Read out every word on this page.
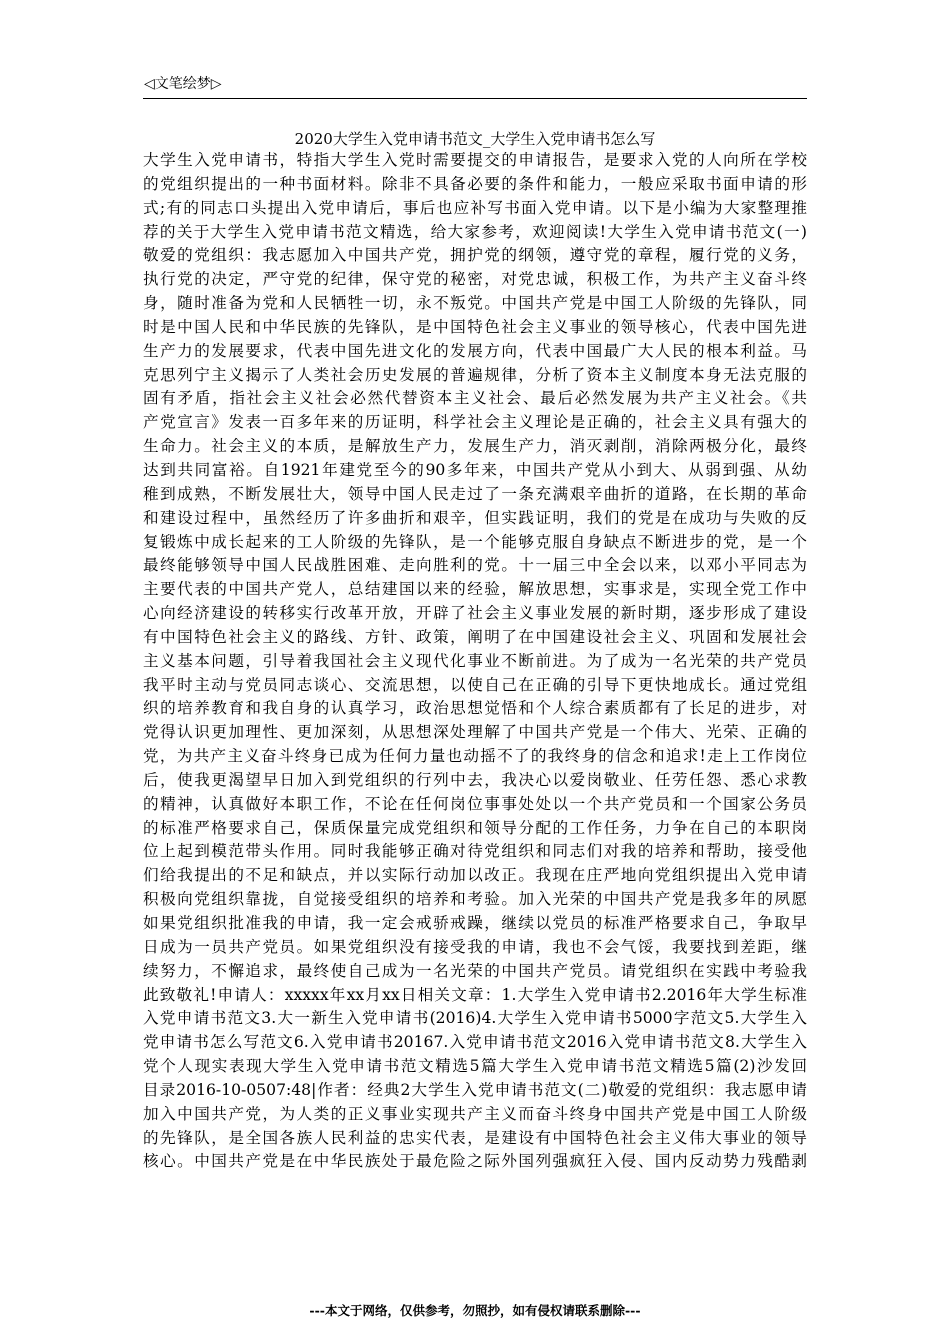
◁文笔绘梦▷
2020大学生入党申请书范文_大学生入党申请书怎么写
大学生入党申请书，特指大学生入党时需要提交的申请报告，是要求入党的人向所在学校
的党组织提出的一种书面材料。除非不具备必要的条件和能力，一般应采取书面申请的形
式;有的同志口头提出入党申请后，事后也应补写书面入党申请。以下是小编为大家整理推
荐的关于大学生入党申请书范文精选，给大家参考，欢迎阅读!大学生入党申请书范文(一)
敬爱的党组织：我志愿加入中国共产党，拥护党的纲领，遵守党的章程，履行党的义务，
执行党的决定，严守党的纪律，保守党的秘密，对党忠诚，积极工作，为共产主义奋斗终
身，随时准备为党和人民牺牲一切，永不叛党。中国共产党是中国工人阶级的先锋队，同
时是中国人民和中华民族的先锋队，是中国特色社会主义事业的领导核心，代表中国先进
生产力的发展要求，代表中国先进文化的发展方向，代表中国最广大人民的根本利益。马
克思列宁主义揭示了人类社会历史发展的普遍规律，分析了资本主义制度本身无法克服的
固有矛盾，指社会主义社会必然代替资本主义社会、最后必然发展为共产主义社会。《共
产党宣言》发表一百多年来的历证明，科学社会主义理论是正确的，社会主义具有强大的
生命力。社会主义的本质，是解放生产力，发展生产力，消灭剥削，消除两极分化，最终
达到共同富裕。自1921年建党至今的90多年来，中国共产党从小到大、从弱到强、从幼
稚到成熟，不断发展壮大，领导中国人民走过了一条充满艰辛曲折的道路，在长期的革命
和建设过程中，虽然经历了许多曲折和艰辛，但实践证明，我们的党是在成功与失败的反
复锻炼中成长起来的工人阶级的先锋队，是一个能够克服自身缺点不断进步的党，是一个
最终能够领导中国人民战胜困难、走向胜利的党。十一届三中全会以来，以邓小平同志为
主要代表的中国共产党人，总结建国以来的经验，解放思想，实事求是，实现全党工作中
心向经济建设的转移实行改革开放，开辟了社会主义事业发展的新时期，逐步形成了建设
有中国特色社会主义的路线、方针、政策，阐明了在中国建设社会主义、巩固和发展社会
主义基本问题，引导着我国社会主义现代化事业不断前进。为了成为一名光荣的共产党员
我平时主动与党员同志谈心、交流思想，以使自己在正确的引导下更快地成长。通过党组
织的培养教育和我自身的认真学习，政治思想觉悟和个人综合素质都有了长足的进步，对
党得认识更加理性、更加深刻，从思想深处理解了中国共产党是一个伟大、光荣、正确的
党，为共产主义奋斗终身已成为任何力量也动摇不了的我终身的信念和追求!走上工作岗位
后，使我更渴望早日加入到党组织的行列中去，我决心以爱岗敬业、任劳任怨、悉心求教
的精神，认真做好本职工作，不论在任何岗位事事处处以一个共产党员和一个国家公务员
的标准严格要求自己，保质保量完成党组织和领导分配的工作任务，力争在自己的本职岗
位上起到模范带头作用。同时我能够正确对待党组织和同志们对我的培养和帮助，接受他
们给我提出的不足和缺点，并以实际行动加以改正。我现在庄严地向党组织提出入党申请
积极向党组织靠拢，自觉接受组织的培养和考验。加入光荣的中国共产党是我多年的夙愿
如果党组织批准我的申请，我一定会戒骄戒躁，继续以党员的标准严格要求自己，争取早
日成为一员共产党员。如果党组织没有接受我的申请，我也不会气馁，我要找到差距，继
续努力，不懈追求，最终使自己成为一名光荣的中国共产党员。请党组织在实践中考验我
此致敬礼!申请人：xxxxx年xx月xx日相关文章：1.大学生入党申请书2.2016年大学生标准
入党申请书范文3.大一新生入党申请书(2016)4.大学生入党申请书5000字范文5.大学生入
党申请书怎么写范文6.入党申请书20167.入党申请书范文2016入党申请书范文8.大学生入
党个人现实表现大学生入党申请书范文精选5篇大学生入党申请书范文精选5篇(2)沙发回
目录2016-10-0507:48|作者：经典2大学生入党申请书范文(二)敬爱的党组织：我志愿申请
加入中国共产党，为人类的正义事业实现共产主义而奋斗终身中国共产党是中国工人阶级
的先锋队，是全国各族人民利益的忠实代表，是建设有中国特色社会主义伟大事业的领导
核心。中国共产党是在中华民族处于最危险之际外国列强疯狂入侵、国内反动势力残酷剥
---本文于网络，仅供参考，勿照抄，如有侵权请联系删除---
